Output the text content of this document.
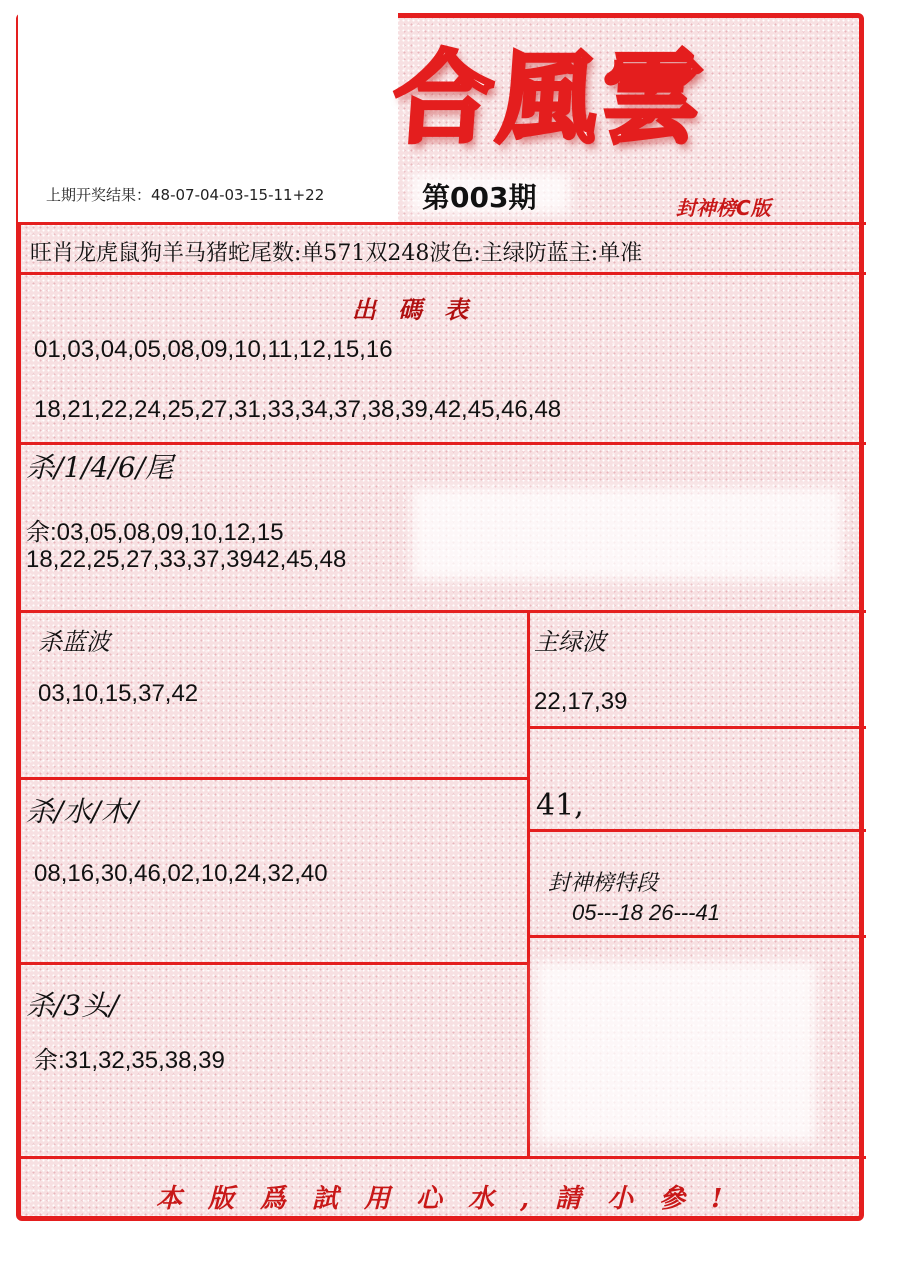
合風雲
上期开奖结果：48-07-04-03-15-11+22	第003期	封神榜C版
旺肖龙虎鼠狗羊马猪蛇尾数:单571双248波色:主绿防蓝主:单准
出碼表
01,03,04,05,08,09,10,11,12,15,16
18,21,22,24,25,27,31,33,34,37,38,39,42,45,46,48
杀/1/4/6/尾
余:03,05,08,09,10,12,15
18,22,25,27,33,37,3942,45,48
杀蓝波
03,10,15,37,42
主绿波
22,17,39
41,
杀/水/木/
08,16,30,46,02,10,24,32,40	封神榜特段
05---18 26---41
杀/3头/
余:31,32,35,38,39
本版爲試用心水,請小參!
